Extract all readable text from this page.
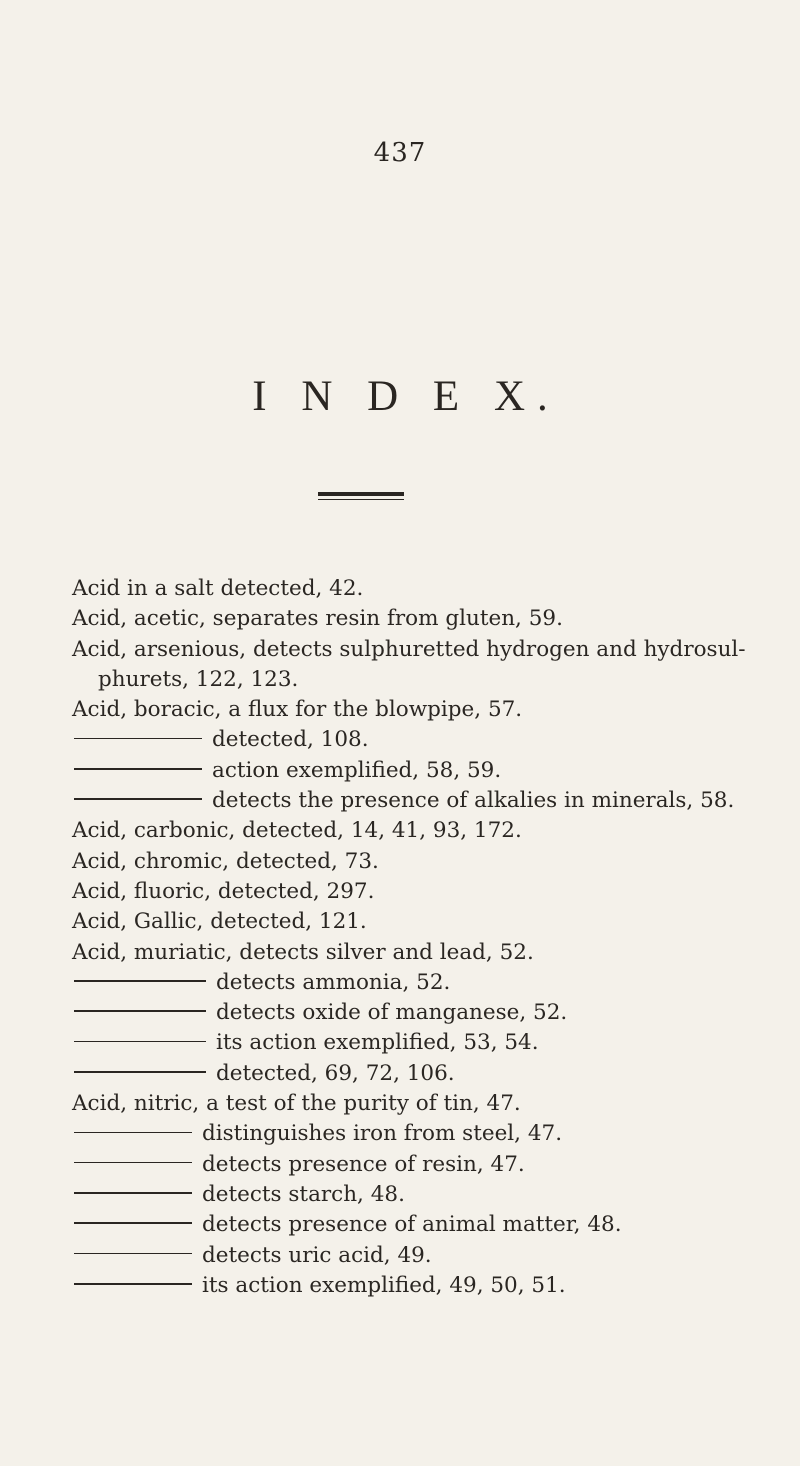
437
I N D E X.
Acid in a salt detected, 42.
Acid, acetic, separates resin from gluten, 59.
Acid, arsenious, detects sulphuretted hydrogen and hydrosul-
phurets, 122, 123.
Acid, boracic, a flux for the blowpipe, 57.
detected, 108.
action exemplified, 58, 59.
detects the presence of alkalies in minerals, 58.
Acid, carbonic, detected, 14, 41, 93, 172.
Acid, chromic, detected, 73.
Acid, fluoric, detected, 297.
Acid, Gallic, detected, 121.
Acid, muriatic, detects silver and lead, 52.
detects ammonia, 52.
detects oxide of manganese, 52.
its action exemplified, 53, 54.
detected, 69, 72, 106.
Acid, nitric, a test of the purity of tin, 47.
distinguishes iron from steel, 47.
detects presence of resin, 47.
detects starch, 48.
detects presence of animal matter, 48.
detects uric acid, 49.
its action exemplified, 49, 50, 51.
